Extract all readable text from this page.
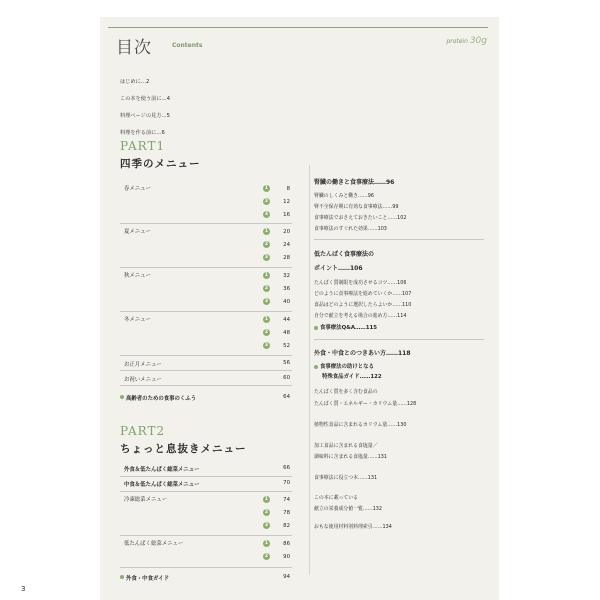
目次	Contents
protein 30g
はじめに…2
この本を使う前に…4
料理ページの見方…5
料理を作る前に…6
PART1
四季のメニュー
春メニュー	1	8
2	12
3	16
夏メニュー	1	20
2	24
3	28
秋メニュー	1	32
2	36
3	40
冬メニュー	1	44
2	48
3	52
お正月メニュー	56
お祝いメニュー	60
高齢者のための食事のくふう	64
PART2
ちょっと息抜きメニュー
外食＆低たんぱく総菜メニュー	66
中食＆低たんぱく総菜メニュー	70
冷凍総菜メニュー	1	74
2	78
3	82
低たんぱく総菜メニュー	1	86
2	90
外食・中食ガイド	94
腎臓の働きと食事療法……96
腎臓のしくみと働き……96
腎不全保存期に有効な食事療法……99
食事療法でおさえておきたいこと……102
食事療法のすぐれた効果……103
低たんぱく食事療法の
ポイント……106
たんぱく質制限を成功させるコツ……106
どのように食事療法を進めていくか……107
食品はどのように選択したらよいか……110
自分で献立を考える場合の進め方……114
食事療法Q&A……115
外食・中食とのつきあい方……118
食事療法の助けとなる
特殊食品ガイド……122
たんぱく質を多く含む食品の
たんぱく質・エネルギー・カリウム量……128
植物性食品に含まれるカリウム量……130
加工食品に含まれる食塩量／
調味料に含まれる食塩量……131
食事療法に役立つ本……131
この本に載っている
献立の栄養成分値一覧……132
おもな使用材料別料理索引……134
3
